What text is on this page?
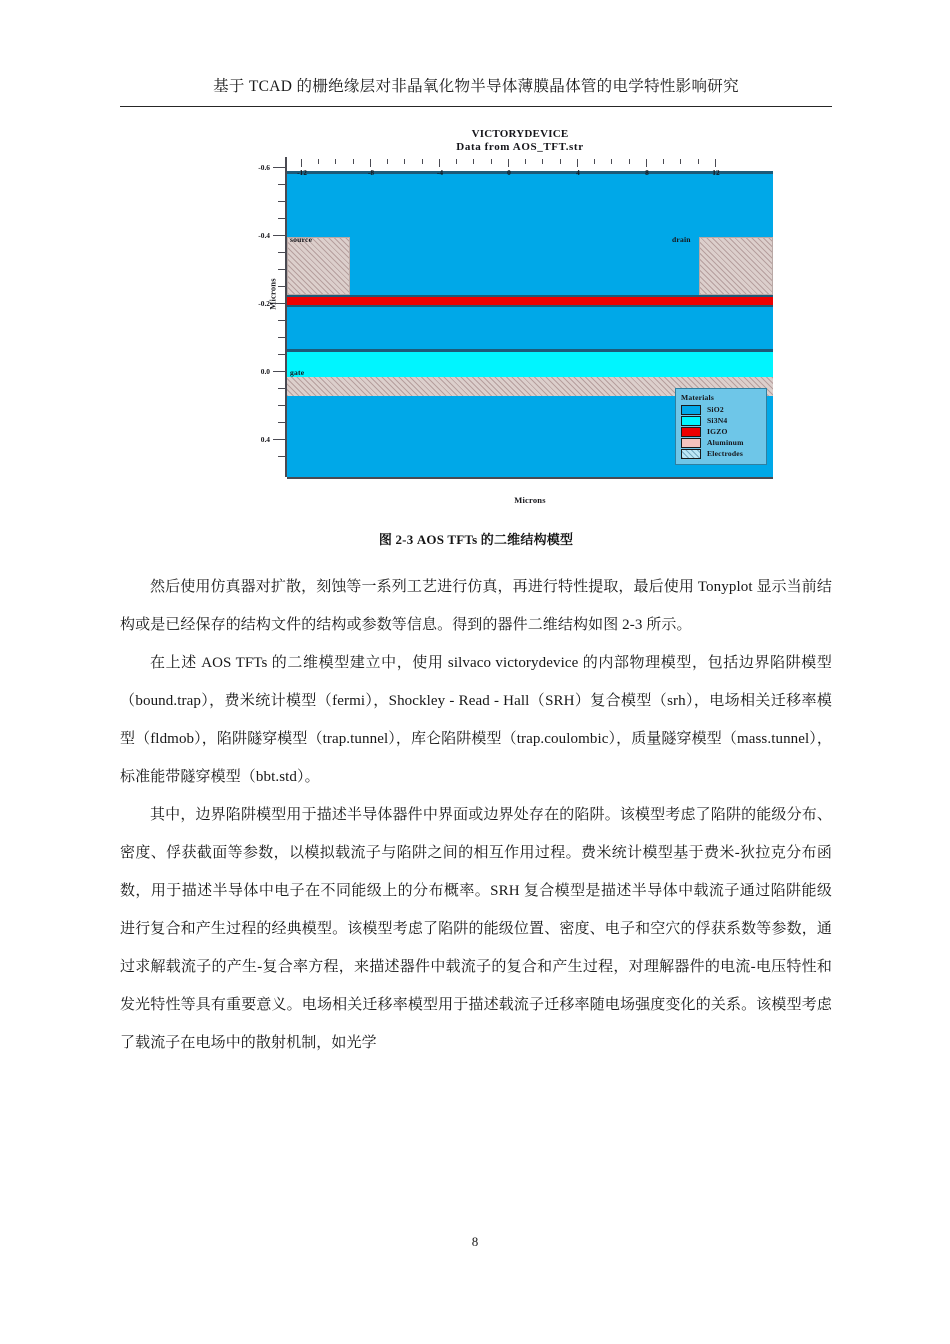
基于 TCAD 的栅绝缘层对非晶氧化物半导体薄膜晶体管的电学特性影响研究
VICTORYDEVICE
Data from AOS_TFT.str
Microns
-0.6
-0.4
-0.2
0.0
0.4
source	drain
gate
Materials
SiO2
Si3N4
IGZO
Aluminum
Electrodes
-12	-8	-4	0	4	8	12
Microns
图 2-3 AOS TFTs 的二维结构模型

然后使用仿真器对扩散，刻蚀等一系列工艺进行仿真，再进行特性提取，最后使用 Tonyplot 显示当前结构或是已经保存的结构文件的结构或参数等信息。得到的器件二维结构如图 2-3 所示。

在上述 AOS TFTs 的二维模型建立中，使用 silvaco victorydevice 的内部物理模型，包括边界陷阱模型（bound.trap），费米统计模型（fermi），Shockley - Read - Hall（SRH）复合模型（srh），电场相关迁移率模型（fldmob），陷阱隧穿模型（trap.tunnel），库仑陷阱模型（trap.coulombic），质量隧穿模型（mass.tunnel），标准能带隧穿模型（bbt.std）。

其中，边界陷阱模型用于描述半导体器件中界面或边界处存在的陷阱。该模型考虑了陷阱的能级分布、密度、俘获截面等参数，以模拟载流子与陷阱之间的相互作用过程。费米统计模型基于费米-狄拉克分布函数，用于描述半导体中电子在不同能级上的分布概率。SRH 复合模型是描述半导体中载流子通过陷阱能级进行复合和产生过程的经典模型。该模型考虑了陷阱的能级位置、密度、电子和空穴的俘获系数等参数，通过求解载流子的产生-复合率方程，来描述器件中载流子的复合和产生过程，对理解器件的电流-电压特性和发光特性等具有重要意义。电场相关迁移率模型用于描述载流子迁移率随电场强度变化的关系。该模型考虑了载流子在电场中的散射机制，如光学

8
